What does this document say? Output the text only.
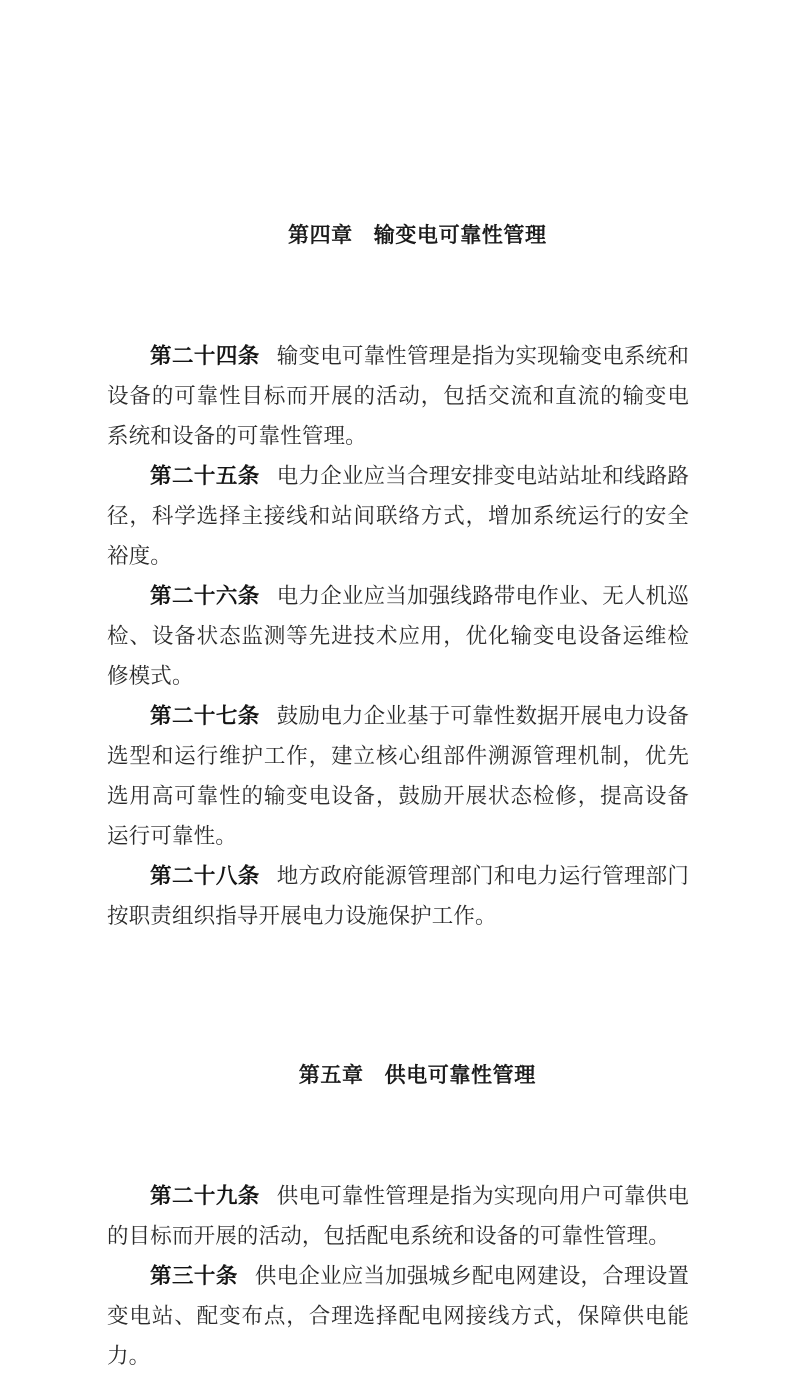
第四章 输变电可靠性管理

第二十四条 输变电可靠性管理是指为实现输变电系统和设备的可靠性目标而开展的活动，包括交流和直流的输变电系统和设备的可靠性管理。

第二十五条 电力企业应当合理安排变电站站址和线路路径，科学选择主接线和站间联络方式，增加系统运行的安全裕度。

第二十六条 电力企业应当加强线路带电作业、无人机巡检、设备状态监测等先进技术应用，优化输变电设备运维检修模式。

第二十七条 鼓励电力企业基于可靠性数据开展电力设备选型和运行维护工作，建立核心组部件溯源管理机制，优先选用高可靠性的输变电设备，鼓励开展状态检修，提高设备运行可靠性。

第二十八条 地方政府能源管理部门和电力运行管理部门按职责组织指导开展电力设施保护工作。

第五章 供电可靠性管理

第二十九条 供电可靠性管理是指为实现向用户可靠供电的目标而开展的活动，包括配电系统和设备的可靠性管理。

第三十条 供电企业应当加强城乡配电网建设，合理设置变电站、配变布点，合理选择配电网接线方式，保障供电能力。
